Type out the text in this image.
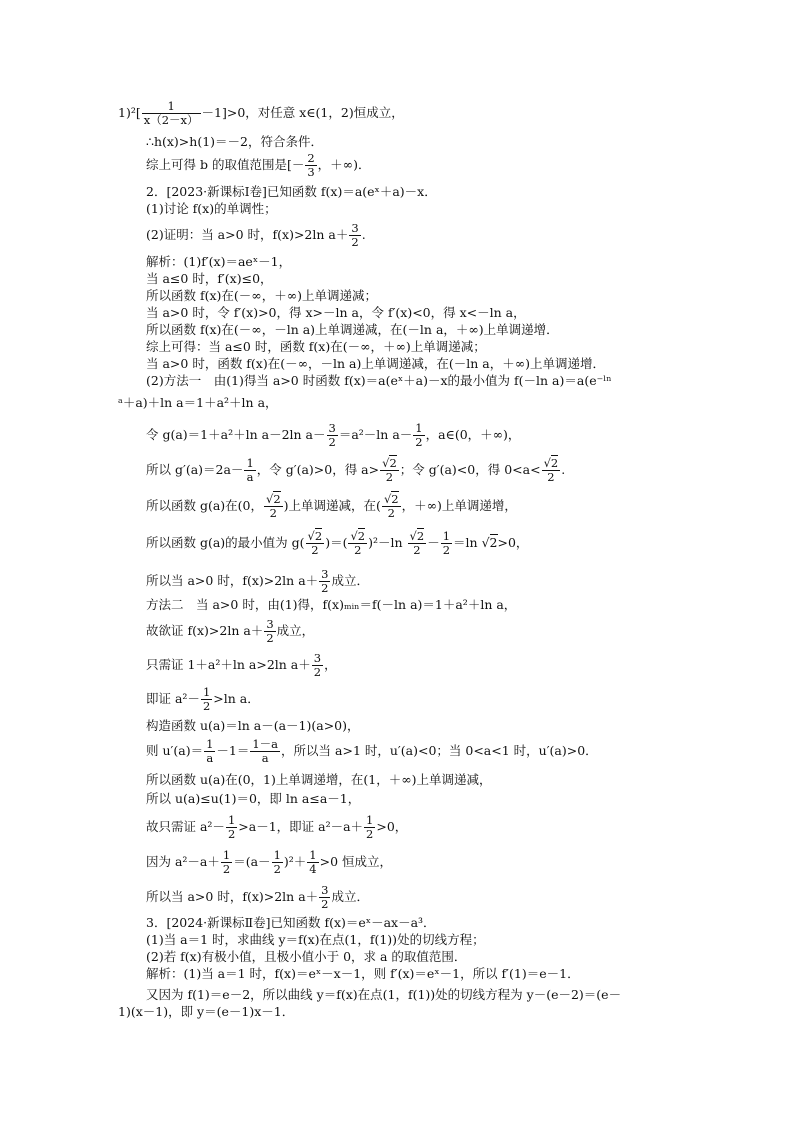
$1)^2[ \frac{1}{x(2-x)} -1]>0$，对任意 x∈(1，2)恒成立，
∴h(x)>h(1)＝－2，符合条件．
综上可得 b 的取值范围是[－ $\frac{2}{3}$ ，＋∞)．
2．[2023·新课标Ⅰ卷]已知函数 f(x)＝a(eˣ＋a)－x．
(1)讨论 f(x)的单调性；
(2)证明：当 a>0 时，f(x)>2ln $a+ \frac{3}{2}$ .
解析：(1)f′(x)＝aeˣ－1，
当 a≤0 时，f′(x)≤0，
所以函数 f(x)在(－∞，＋∞)上单调递减；
当 a>0 时，令 f′(x)>0，得 x>－ln a，令 f′(x)<0，得 x<－ln a，
所以函数 f(x)在(－∞，－ln a)上单调递减，在(－ln a，＋∞)上单调递增．
综上可得：当 a≤0 时，函数 f(x)在(－∞，＋∞)上单调递减；
当 a>0 时，函数 f(x)在(－∞，－ln a)上单调递减，在(－ln a，＋∞)上单调递增．
(2)方法一　由(1)得当 a>0 时函数 f(x)＝a(eˣ＋a)－x的最小值为 f(－ln a)＝a(e⁻ˡⁿ
ᵃ＋a)＋ln a＝1＋a²＋ln a，
令 g(a)＝1＋a²＋ln a－2ln $a- \frac{3}{2} =a^2-\ln$ $a- \frac{1}{2}$ ，a∈(0，＋∞)，
所以 $g'(a)=2a- \frac{1}{a}$ ，令 g′(a)>0，得 $a> \frac{√2}{2}$ ；令 g′(a)<0，得 $0<a< \frac{√2}{2}$ .
所以函数 g(a)在(0， $\frac{√2}{2}$ )上单调递减，在( $\frac{√2}{2}$ ，＋∞)上单调递增，
所以函数 g(a)的最小值为 $g( \frac{√2}{2}$ )＝( $\frac{√2}{2} )^2-\ln \frac{√2}{2} - \frac{1}{2} =\ln$ √2>0，
所以当 a>0 时，f(x)>2ln $a+ \frac{3}{2}$ 成立．
方法二　当 a>0 时，由(1)得，f(x)ₘᵢₙ＝f(－ln a)＝1＋a²＋ln a，
故欲证 f(x)>2ln $a+ \frac{3}{2}$ 成立，
只需证 1＋a²＋ln a>2ln $a+ \frac{3}{2}$ ，
即证 $a^2- \frac{1}{2} >\ln$ a．
构造函数 u(a)＝ln a－(a－1)(a>0)，
则 $u'(a)= \frac{1}{a} -1= \frac{1-a}{a}$ ，所以当 a>1 时，u′(a)<0；当 0<a<1 时，u′(a)>0．
所以函数 u(a)在(0，1)上单调递增，在(1，＋∞)上单调递减，
所以 u(a)≤u(1)＝0，即 ln a≤a－1，
故只需证 $a^2- \frac{1}{2} >a-1$，即证 $a^2-a+ \frac{1}{2} >0$，
因为 $a^2-a+ \frac{1}{2} =(a- \frac{1}{2} )^2+ \frac{1}{4} >0$ 恒成立，
所以当 a>0 时，f(x)>2ln $a+ \frac{3}{2}$ 成立．
3．[2024·新课标Ⅱ卷]已知函数 f(x)＝eˣ－ax－a³．
(1)当 a＝1 时，求曲线 y＝f(x)在点(1，f(1))处的切线方程；
(2)若 f(x)有极小值，且极小值小于 0，求 a 的取值范围．
解析：(1)当 a＝1 时，f(x)＝eˣ－x－1，则 f′(x)＝eˣ－1，所以 f′(1)＝e－1．
又因为 f(1)＝e－2，所以曲线 y＝f(x)在点(1，f(1))处的切线方程为 y－(e－2)＝(e－
1)(x－1)，即 y＝(e－1)x－1．
